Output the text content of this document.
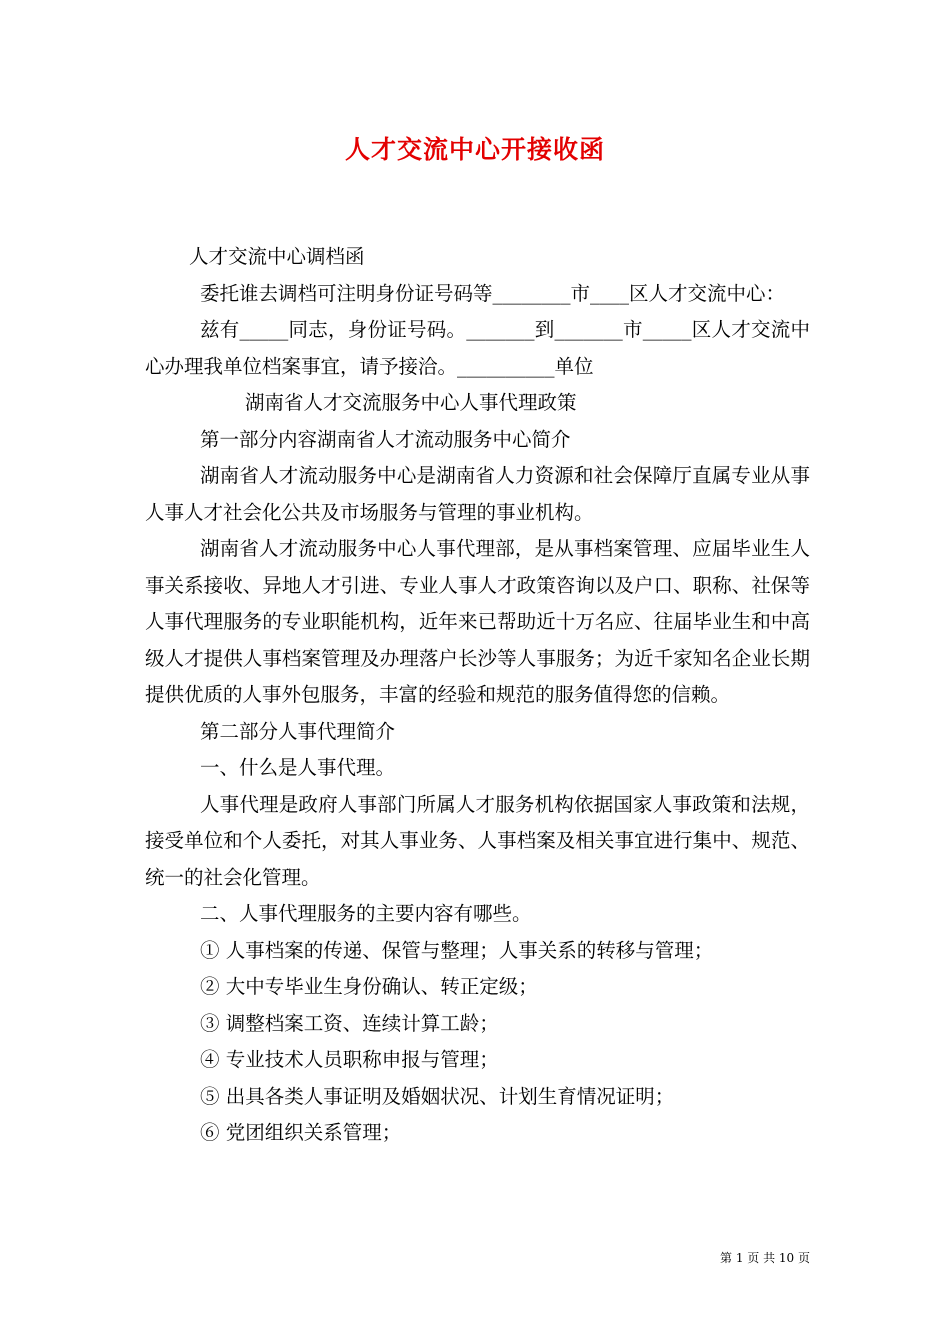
人才交流中心开接收函

人才交流中心调档函

委托谁去调档可注明身份证号码等________市____区人才交流中心：

兹有_____同志，身份证号码。_______到_______市_____区人才交流中心办理我单位档案事宜，请予接洽。__________单位

湖南省人才交流服务中心人事代理政策

第一部分内容湖南省人才流动服务中心简介

湖南省人才流动服务中心是湖南省人力资源和社会保障厅直属专业从事人事人才社会化公共及市场服务与管理的事业机构。

湖南省人才流动服务中心人事代理部，是从事档案管理、应届毕业生人事关系接收、异地人才引进、专业人事人才政策咨询以及户口、职称、社保等人事代理服务的专业职能机构，近年来已帮助近十万名应、往届毕业生和中高级人才提供人事档案管理及办理落户长沙等人事服务；为近千家知名企业长期提供优质的人事外包服务，丰富的经验和规范的服务值得您的信赖。

第二部分人事代理简介

一、什么是人事代理。

人事代理是政府人事部门所属人才服务机构依据国家人事政策和法规，接受单位和个人委托，对其人事业务、人事档案及相关事宜进行集中、规范、统一的社会化管理。

二、人事代理服务的主要内容有哪些。

① 人事档案的传递、保管与整理；人事关系的转移与管理；

② 大中专毕业生身份确认、转正定级；

③ 调整档案工资、连续计算工龄；

④ 专业技术人员职称申报与管理；

⑤ 出具各类人事证明及婚姻状况、计划生育情况证明；

⑥ 党团组织关系管理；

第 1 页 共 10 页
